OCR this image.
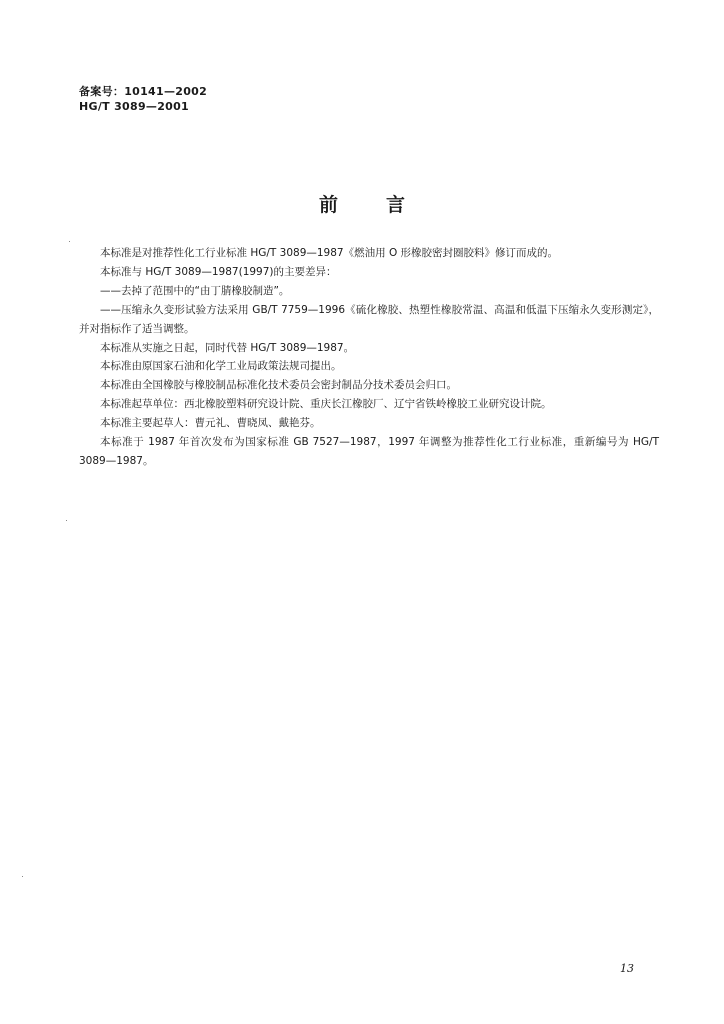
备案号：10141—2002
HG/T 3089—2001
前言

本标准是对推荐性化工行业标准 HG/T 3089—1987《燃油用 O 形橡胶密封圈胶料》修订而成的。

本标准与 HG/T 3089—1987(1997)的主要差异：

——去掉了范围中的“由丁腈橡胶制造”。

——压缩永久变形试验方法采用 GB/T 7759—1996《硫化橡胶、热塑性橡胶常温、高温和低温下压缩永久变形测定》，并对指标作了适当调整。

本标准从实施之日起，同时代替 HG/T 3089—1987。

本标准由原国家石油和化学工业局政策法规司提出。

本标准由全国橡胶与橡胶制品标准化技术委员会密封制品分技术委员会归口。

本标准起草单位：西北橡胶塑料研究设计院、重庆长江橡胶厂、辽宁省铁岭橡胶工业研究设计院。

本标准主要起草人：曹元礼、曹晓凤、戴艳芬。

本标准于 1987 年首次发布为国家标准 GB 7527—1987，1997 年调整为推荐性化工行业标准，重新编号为 HG/T 3089—1987。

13
